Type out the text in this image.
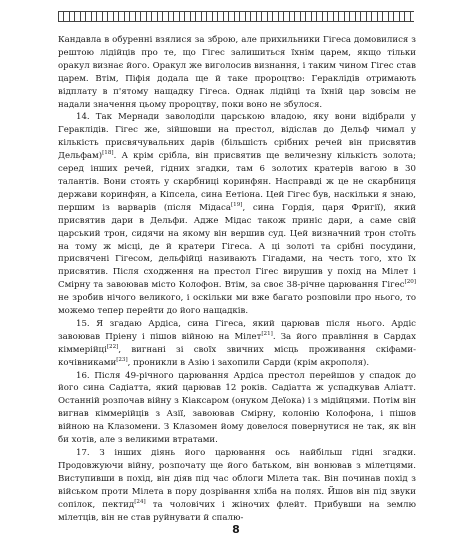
Кандавла в обуренні взялися за зброю, але прихильники Гігеса домовилися з рештою лідійців про те, що Гігес залишиться їхнім царем, якщо тільки оракул визнає його. Оракул же виголосив визнання, і таким чином Гігес став царем. Втім, Піфія додала ще й таке пророцтво: Гераклідів отримають відплату в п'ятому нащадку Гігеса. Однак лідійці та їхній цар зовсім не надали значення цьому пророцтву, поки воно не збулося.

14. Так Мернади заволоділи царською владою, яку вони відібрали у Гераклідів. Гігес же, зійшовши на престол, відіслав до Дельф чимал у кількість присвячувальних дарів (більшість срібних речей він присвятив Дельфам)[18]. А крім срібла, він присвятив ще величезну кількість золота; серед інших речей, гідних згадки, там 6 золотих кратерів вагою в 30 талантів. Вони стоять у скарбниці коринфян. Насправді ж це не скарбниця держави коринфян, а Кіпсела, сина Еетіона. Цей Гігес був, наскільки я знаю, першим із варварів (після Мідаса[19], сина Гордія, царя Фригії), який присвятив дари в Дельфи. Адже Мідас також приніс дари, а саме свій царський трон, сидячи на якому він вершив суд. Цей визначний трон стоїть на тому ж місці, де й кратери Гігеса. А ці золоті та срібні посудини, присвячені Гігесом, дельфійці називають Гігадами, на честь того, хто їх присвятив. Після сходження на престол Гігес вирушив у похід на Мілет і Смірну та завоював місто Колофон. Втім, за своє 38-річне царювання Гігес[20] не зробив нічого великого, і оскільки ми вже багато розповіли про нього, то можемо тепер перейти до його нащадків.

15. Я згадаю Ардіса, сина Гігеса, який царював після нього. Ардіс завоював Пріену і пішов війною на Мілет[21]. За його правління в Сардах кіммерійці[22], вигнані зі своїх звичних місць проживання скіфами-кочівниками[23], проникли в Азію і захопили Сарди (крім акрополя).

16. Після 49-річного царювання Ардіса престол перейшов у спадок до його сина Садіатта, який царював 12 років. Садіатта ж успадкував Аліатт. Останній розпочав війну з Кіаксаром (онуком Деїока) і з мідійцями. Потім він вигнав кіммерійців з Азії, завоював Смірну, колонію Колофона, і пішов війною на Клазомени. З Клазомен йому довелося повернутися не так, як він би хотів, але з великими втратами.

17. З інших діянь його царювання ось найбільш гідні згадки. Продовжуючи війну, розпочату ще його батьком, він вонював з мілетцями. Виступивши в похід, він діяв під час облоги Мілета так. Він починав похід з військом проти Мілета в пору дозрівання хліба на полях. Йшов він під звуки сопілок, пектид[24] та чоловічих і жіночих флейт. Прибувши на землю мілетців, він не став руйнувати й спалю-

8
